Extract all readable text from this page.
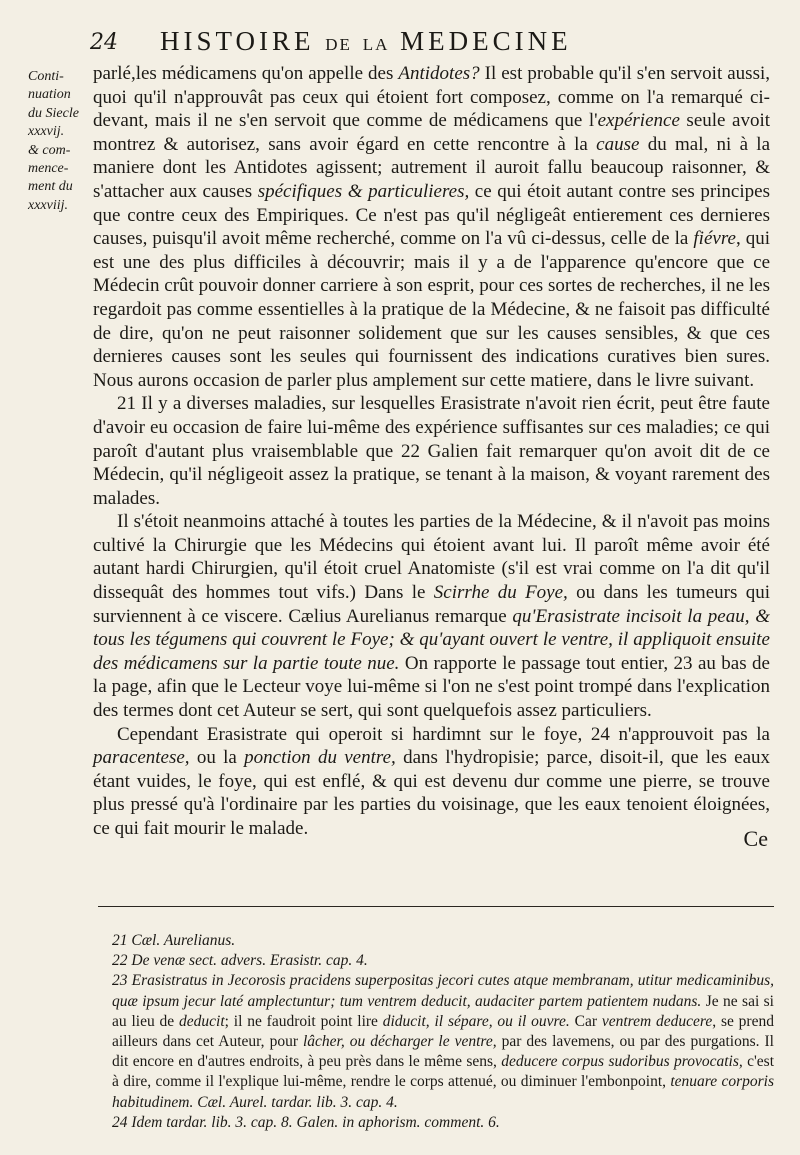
24 HISTOIRE DE LA MEDECINE
Conti-
nuation
du Siecle
xxxvij.
& com-
mence-
ment du
xxxviij.

parlé,les médicamens qu'on appelle des Antidotes? Il est probable qu'il s'en servoit aussi, quoi qu'il n'approuvât pas ceux qui étoient fort composez, comme on l'a remarqué ci-devant, mais il ne s'en servoit que comme de médicamens que l'expérience seule avoit montrez & autorisez, sans avoir égard en cette rencontre à la cause du mal, ni à la maniere dont les Antidotes agissent; autrement il auroit fallu beaucoup raisonner, & s'attacher aux causes spécifiques & particulieres, ce qui étoit autant contre ses principes que contre ceux des Empiriques. Ce n'est pas qu'il négligeât entierement ces dernieres causes, puisqu'il avoit même recherché, comme on l'a vû ci-dessus, celle de la fiévre, qui est une des plus difficiles à découvrir; mais il y a de l'apparence qu'encore que ce Médecin crût pouvoir donner carriere à son esprit, pour ces sortes de recherches, il ne les regardoit pas comme essentielles à la pratique de la Médecine, & ne faisoit pas difficulté de dire, qu'on ne peut raisonner solidement que sur les causes sensibles, & que ces dernieres causes sont les seules qui fournissent des indications curatives bien sures. Nous aurons occasion de parler plus amplement sur cette matiere, dans le livre suivant.

21 Il y a diverses maladies, sur lesquelles Erasistrate n'avoit rien écrit, peut être faute d'avoir eu occasion de faire lui-même des expérience suffisantes sur ces maladies; ce qui paroît d'autant plus vraisemblable que 22 Galien fait remarquer qu'on avoit dit de ce Médecin, qu'il négligeoit assez la pratique, se tenant à la maison, & voyant rarement des malades.

Il s'étoit neanmoins attaché à toutes les parties de la Médecine, & il n'avoit pas moins cultivé la Chirurgie que les Médecins qui étoient avant lui. Il paroît même avoir été autant hardi Chirurgien, qu'il étoit cruel Anatomiste (s'il est vrai comme on l'a dit qu'il dissequât des hommes tout vifs.) Dans le Scirrhe du Foye, ou dans les tumeurs qui surviennent à ce viscere. Cælius Aurelianus remarque qu'Erasistrate incisoit la peau, & tous les tégumens qui couvrent le Foye; & qu'ayant ouvert le ventre, il appliquoit ensuite des médicamens sur la partie toute nue. On rapporte le passage tout entier, 23 au bas de la page, afin que le Lecteur voye lui-même si l'on ne s'est point trompé dans l'explication des termes dont cet Auteur se sert, qui sont quelquefois assez particuliers.

Cependant Erasistrate qui operoit si hardimnt sur le foye, 24 n'approuvoit pas la paracentese, ou la ponction du ventre, dans l'hydropisie; parce, disoit-il, que les eaux étant vuides, le foye, qui est enflé, & qui est devenu dur comme une pierre, se trouve plus pressé qu'à l'ordinaire par les parties du voisinage, que les eaux tenoient éloignées, ce qui fait mourir le malade.	Ce

21 Cæl. Aurelianus.

22 De venæ sect. advers. Erasistr. cap. 4.

23 Erasistratus in Jecorosis pracidens superpositas jecori cutes atque membranam, utitur medicaminibus, quæ ipsum jecur laté amplectuntur; tum ventrem deducit, audaciter partem patientem nudans. Je ne sai si au lieu de deducit; il ne faudroit point lire diducit, il sépare, ou il ouvre. Car ventrem deducere, se prend ailleurs dans cet Auteur, pour lâcher, ou décharger le ventre, par des lavemens, ou par des purgations. Il dit encore en d'autres endroits, à peu près dans le même sens, deducere corpus sudoribus provocatis, c'est à dire, comme il l'explique lui-même, rendre le corps attenué, ou diminuer l'embonpoint, tenuare corporis habitudinem. Cæl. Aurel. tardar. lib. 3. cap. 4.

24 Idem tardar. lib. 3. cap. 8. Galen. in aphorism. comment. 6.
